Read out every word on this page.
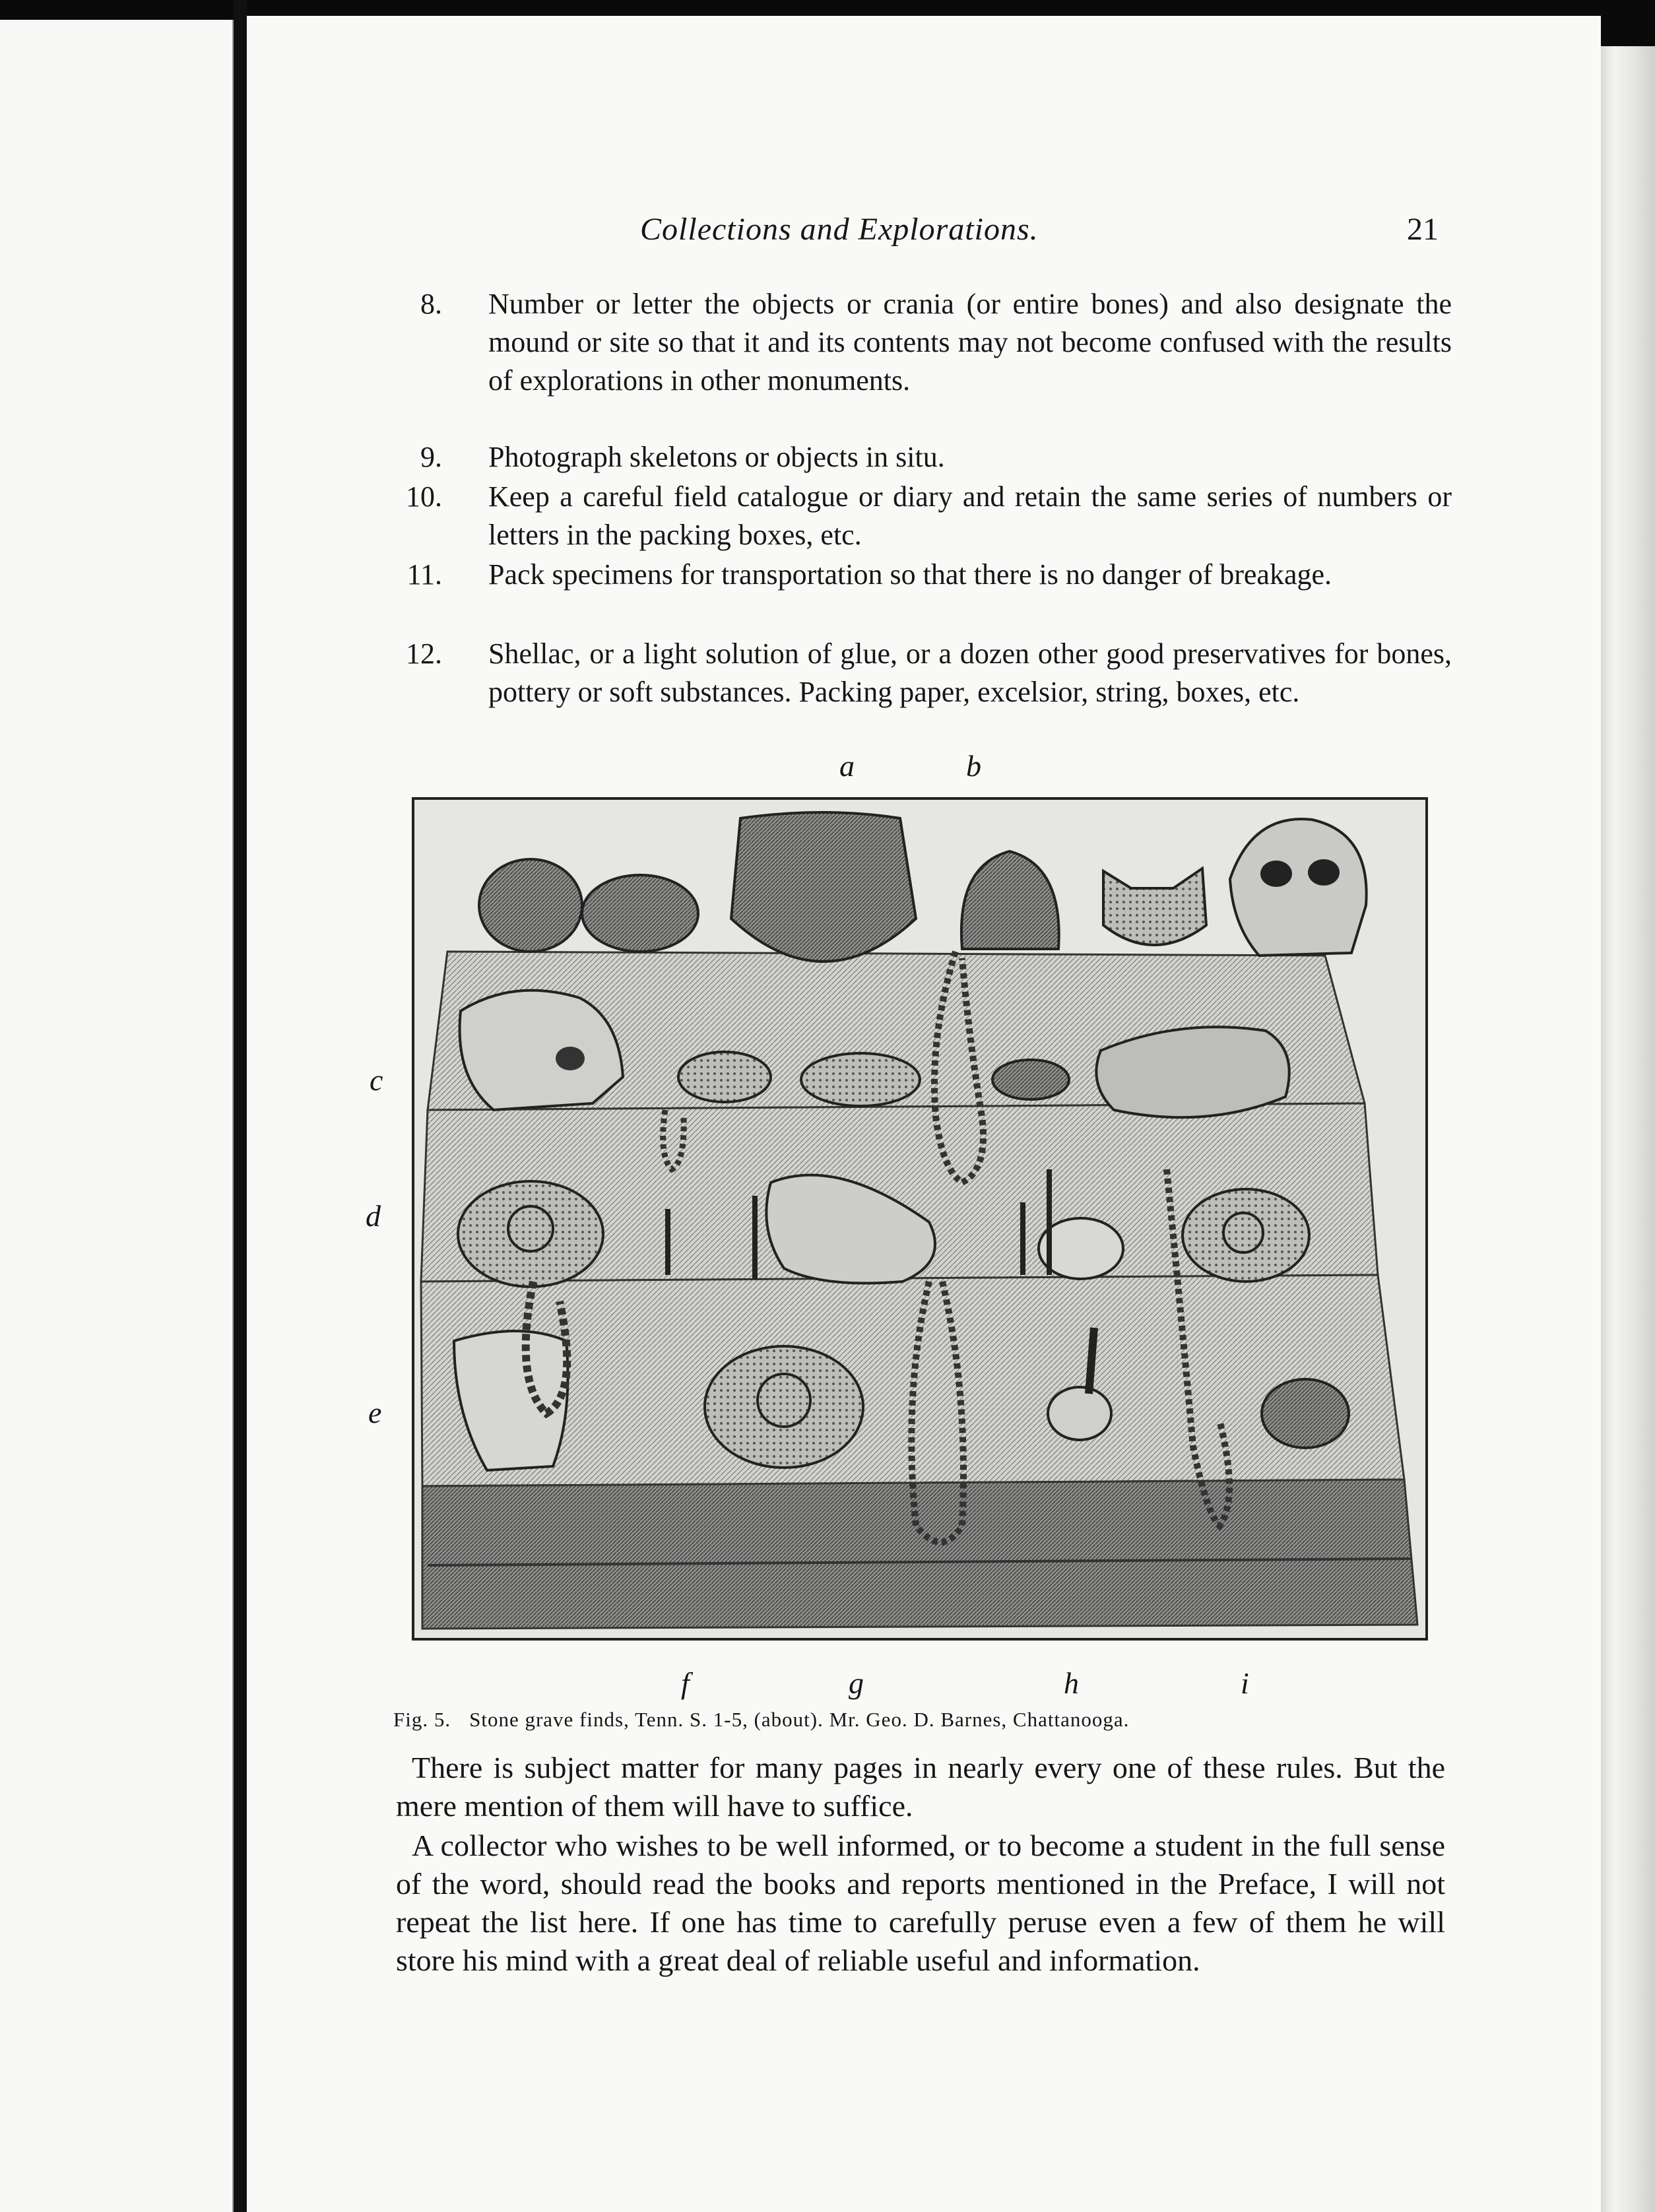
Collections and Explorations.	21
8. Number or letter the objects or crania (or entire bones) and also designate the mound or site so that it and its contents may not become confused with the results of explorations in other monuments.
9. Photograph skeletons or objects in situ.
10. Keep a careful field catalogue or diary and retain the same series of numbers or letters in the packing boxes, etc.
11. Pack specimens for transportation so that there is no danger of breakage.
12. Shellac, or a light solution of glue, or a dozen other good preservatives for bones, pottery or soft substances. Packing paper, excelsior, string, boxes, etc.
a	b
c
d
e
f	g	h	i
Fig. 5. Stone grave finds, Tenn. S. 1-5, (about). Mr. Geo. D. Barnes, Chattanooga.
There is subject matter for many pages in nearly every one of these rules. But the mere mention of them will have to suffice.
A collector who wishes to be well informed, or to become a student in the full sense of the word, should read the books and reports mentioned in the Preface, I will not repeat the list here. If one has time to carefully peruse even a few of them he will store his mind with a great deal of reliable useful and information.
